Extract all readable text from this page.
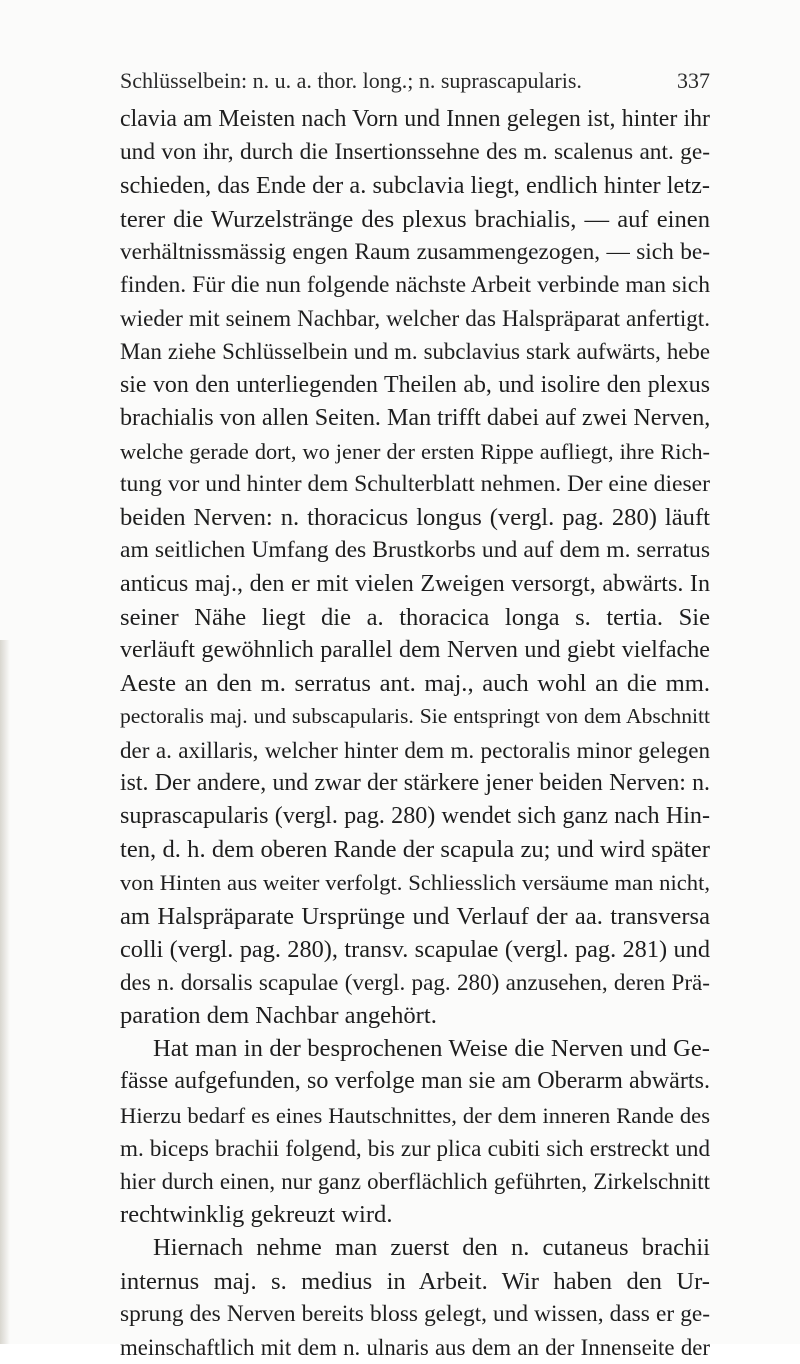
Schlüsselbein: n. u. a. thor. long.; n. suprascapularis.	337
clavia am Meisten nach Vorn und Innen gelegen ist, hinter ihr
und von ihr, durch die Insertionssehne des m. scalenus ant. ge-
schieden, das Ende der a. subclavia liegt, endlich hinter letz-
terer die Wurzelstränge des plexus brachialis, — auf einen
verhältnissmässig engen Raum zusammengezogen, — sich be-
finden. Für die nun folgende nächste Arbeit verbinde man sich
wieder mit seinem Nachbar, welcher das Halspräparat anfertigt.
Man ziehe Schlüsselbein und m. subclavius stark aufwärts, hebe
sie von den unterliegenden Theilen ab, und isolire den plexus
brachialis von allen Seiten. Man trifft dabei auf zwei Nerven,
welche gerade dort, wo jener der ersten Rippe aufliegt, ihre Rich-
tung vor und hinter dem Schulterblatt nehmen. Der eine dieser
beiden Nerven: n. thoracicus longus (vergl. pag. 280) läuft
am seitlichen Umfang des Brustkorbs und auf dem m. serratus
anticus maj., den er mit vielen Zweigen versorgt, abwärts. In
seiner Nähe liegt die a. thoracica longa s. tertia. Sie
verläuft gewöhnlich parallel dem Nerven und giebt vielfache
Aeste an den m. serratus ant. maj., auch wohl an die mm.
pectoralis maj. und subscapularis. Sie entspringt von dem Abschnitt
der a. axillaris, welcher hinter dem m. pectoralis minor gelegen
ist. Der andere, und zwar der stärkere jener beiden Nerven: n.
suprascapularis (vergl. pag. 280) wendet sich ganz nach Hin-
ten, d. h. dem oberen Rande der scapula zu; und wird später
von Hinten aus weiter verfolgt. Schliesslich versäume man nicht,
am Halspräparate Ursprünge und Verlauf der aa. transversa
colli (vergl. pag. 280), transv. scapulae (vergl. pag. 281) und
des n. dorsalis scapulae (vergl. pag. 280) anzusehen, deren Prä-
paration dem Nachbar angehört.
Hat man in der besprochenen Weise die Nerven und Ge-
fässe aufgefunden, so verfolge man sie am Oberarm abwärts.
Hierzu bedarf es eines Hautschnittes, der dem inneren Rande des
m. biceps brachii folgend, bis zur plica cubiti sich erstreckt und
hier durch einen, nur ganz oberflächlich geführten, Zirkelschnitt
rechtwinklig gekreuzt wird.
Hiernach nehme man zuerst den n. cutaneus brachii
internus maj. s. medius in Arbeit. Wir haben den Ur-
sprung des Nerven bereits bloss gelegt, und wissen, dass er ge-
meinschaftlich mit dem n. ulnaris aus dem an der Innenseite der
